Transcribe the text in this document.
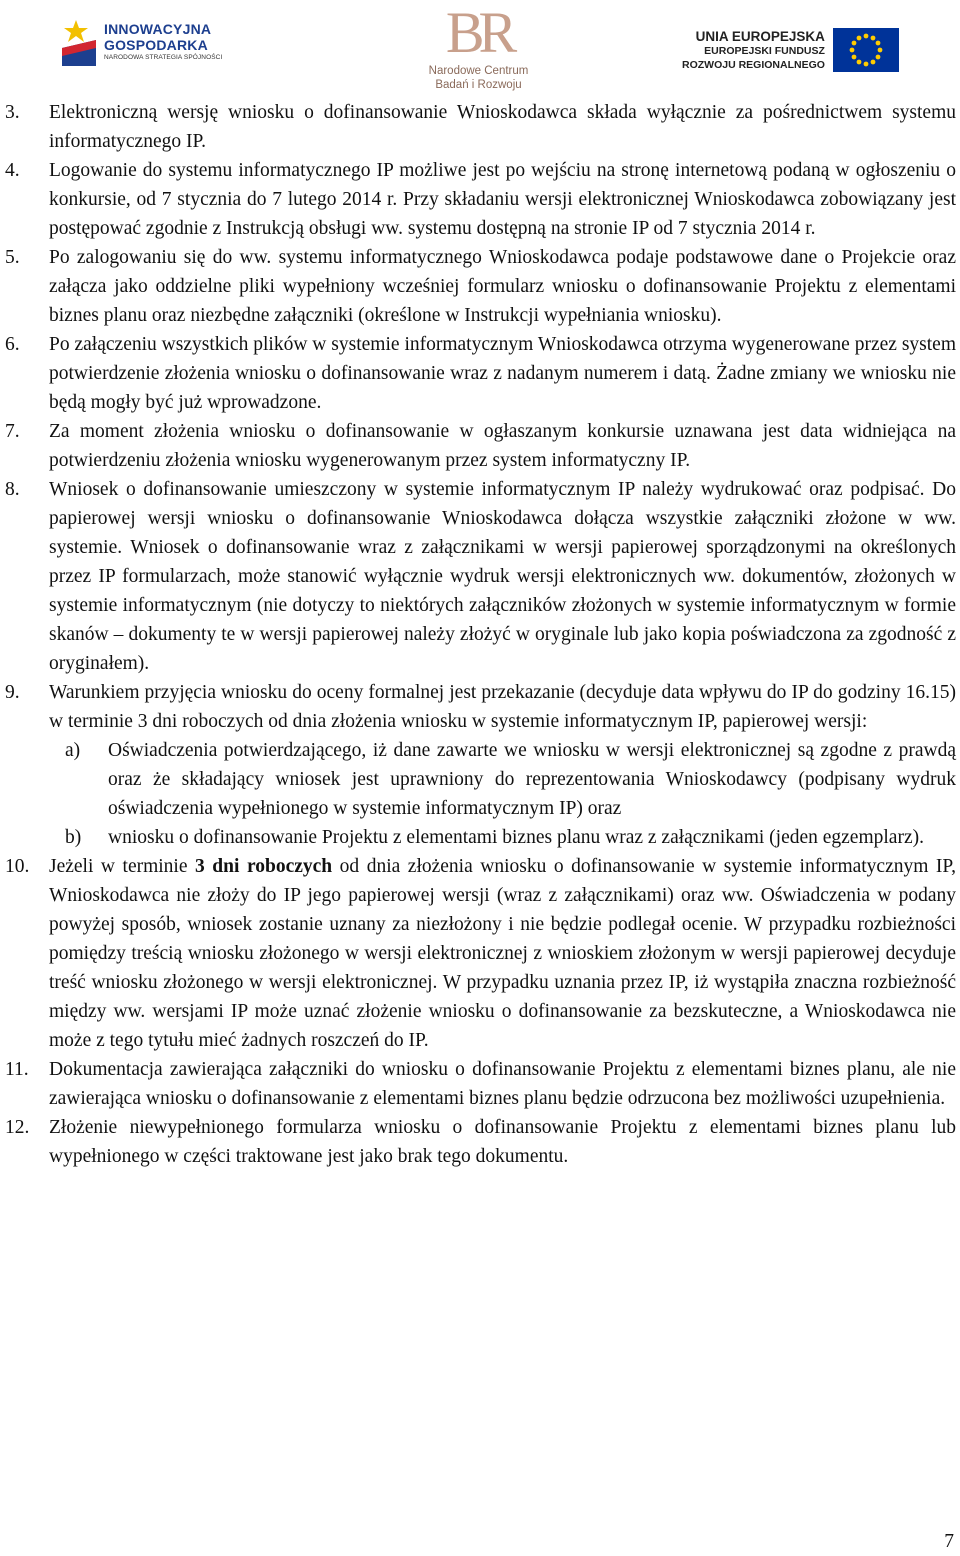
INNOWACYJNA
GOSPODARKA
NARODOWA STRATEGIA SPÓJNOŚCI	BR
Narodowe Centrum
Badań i Rozwoju
UNIA EUROPEJSKA
EUROPEJSKI FUNDUSZ
ROZWOJU REGIONALNEGO
3.	Elektroniczną wersję wniosku o dofinansowanie Wnioskodawca składa wyłącznie za pośrednictwem systemu informatycznego IP.
4.	Logowanie do systemu informatycznego IP możliwe jest po wejściu na stronę internetową podaną w ogłoszeniu o konkursie, od 7 stycznia do 7 lutego 2014 r. Przy składaniu wersji elektronicznej Wnioskodawca zobowiązany jest postępować zgodnie z Instrukcją obsługi ww. systemu dostępną na stronie IP od 7 stycznia 2014 r.
5.	Po zalogowaniu się do ww. systemu informatycznego Wnioskodawca podaje podstawowe dane o Projekcie oraz załącza jako oddzielne pliki wypełniony wcześniej formularz wniosku o dofinansowanie Projektu z elementami biznes planu oraz niezbędne załączniki (określone w Instrukcji wypełniania wniosku).
6.	Po załączeniu wszystkich plików w systemie informatycznym Wnioskodawca otrzyma wygenerowane przez system potwierdzenie złożenia wniosku o dofinansowanie wraz z nadanym numerem i datą. Żadne zmiany we wniosku nie będą mogły być już wprowadzone.
7.	Za moment złożenia wniosku o dofinansowanie w ogłaszanym konkursie uznawana jest data widniejąca na potwierdzeniu złożenia wniosku wygenerowanym przez system informatyczny IP.
8.	Wniosek o dofinansowanie umieszczony w systemie informatycznym IP należy wydrukować oraz podpisać. Do papierowej wersji wniosku o dofinansowanie Wnioskodawca dołącza wszystkie załączniki złożone w ww. systemie. Wniosek o dofinansowanie wraz z załącznikami w wersji papierowej sporządzonymi na określonych przez IP formularzach, może stanowić wyłącznie wydruk wersji elektronicznych ww. dokumentów, złożonych w systemie informatycznym (nie dotyczy to niektórych załączników złożonych w systemie informatycznym w formie skanów – dokumenty te w wersji papierowej należy złożyć w oryginale lub jako kopia poświadczona za zgodność z oryginałem).
9.	Warunkiem przyjęcia wniosku do oceny formalnej jest przekazanie (decyduje data wpływu do IP do godziny 16.15) w terminie 3 dni roboczych od dnia złożenia wniosku w systemie informatycznym IP, papierowej wersji:
a)	Oświadczenia potwierdzającego, iż dane zawarte we wniosku w wersji elektronicznej są zgodne z prawdą oraz że składający wniosek jest uprawniony do reprezentowania Wnioskodawcy (podpisany wydruk oświadczenia wypełnionego w systemie informatycznym IP) oraz
b)	wniosku o dofinansowanie Projektu z elementami biznes planu wraz z załącznikami (jeden egzemplarz).
10.	Jeżeli w terminie 3 dni roboczych od dnia złożenia wniosku o dofinansowanie w systemie informatycznym IP, Wnioskodawca nie złoży do IP jego papierowej wersji (wraz z załącznikami) oraz ww. Oświadczenia w podany powyżej sposób, wniosek zostanie uznany za niezłożony i nie będzie podlegał ocenie. W przypadku rozbieżności pomiędzy treścią wniosku złożonego w wersji elektronicznej z wnioskiem złożonym w wersji papierowej decyduje treść wniosku złożonego w wersji elektronicznej. W przypadku uznania przez IP, iż wystąpiła znaczna rozbieżność między ww. wersjami IP może uznać złożenie wniosku o dofinansowanie za bezskuteczne, a Wnioskodawca nie może z tego tytułu mieć żadnych roszczeń do IP.
11.	Dokumentacja zawierająca załączniki do wniosku o dofinansowanie Projektu z elementami biznes planu, ale nie zawierająca wniosku o dofinansowanie z elementami biznes planu będzie odrzucona bez możliwości uzupełnienia.
12.	Złożenie niewypełnionego formularza wniosku o dofinansowanie Projektu z elementami biznes planu lub wypełnionego w części traktowane jest jako brak tego dokumentu.
7
